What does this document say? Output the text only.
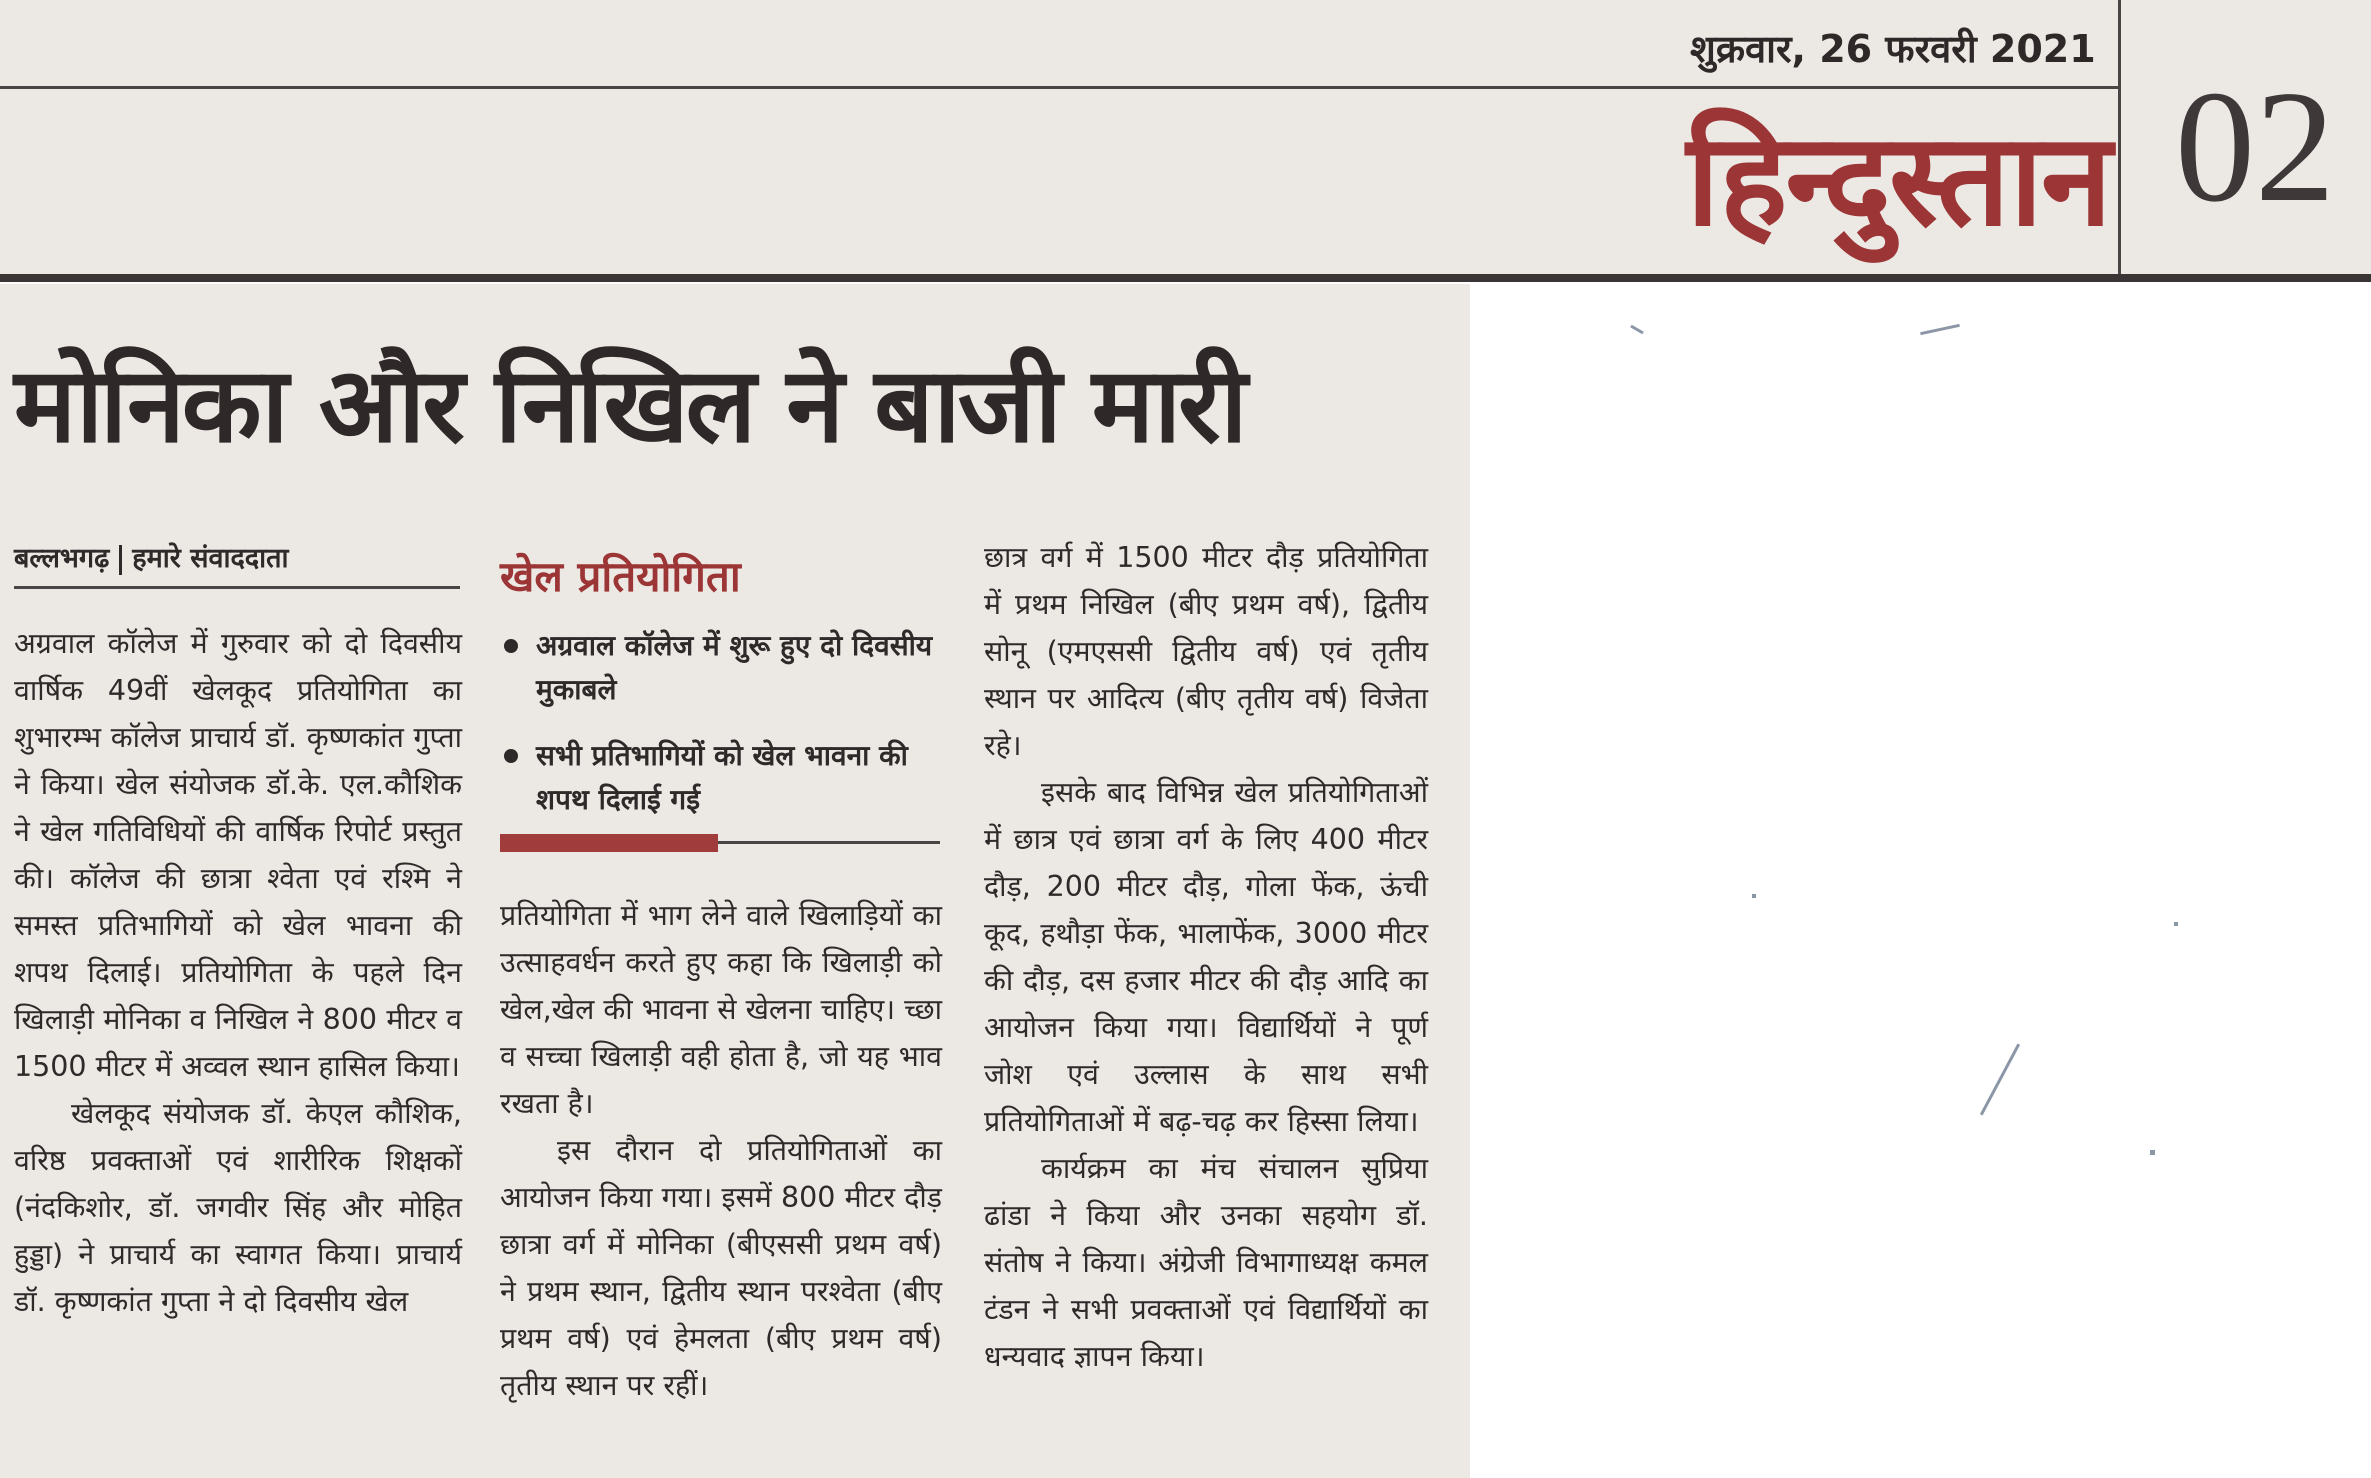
शुक्रवार, 26 फरवरी 2021
हिन्दुस्तान 02
मोनिका और निखिल ने बाजी मारी
बल्लभगढ़ हमारे संवाददाता

अग्रवाल कॉलेज में गुरुवार को दो दिवसीय वार्षिक 49वीं खेलकूद प्रतियोगिता का शुभारम्भ कॉलेज प्राचार्य डॉ. कृष्णकांत गुप्ता ने किया। खेल संयोजक डॉ.के. एल.कौशिक ने खेल गतिविधियों की वार्षिक रिपोर्ट प्रस्तुत की। कॉलेज की छात्रा श्वेता एवं रश्मि ने समस्त प्रतिभागियों को खेल भावना की शपथ दिलाई। प्रतियोगिता के पहले दिन खिलाड़ी मोनिका व निखिल ने 800 मीटर व 1500 मीटर में अव्वल स्थान हासिल किया।

खेलकूद संयोजक डॉ. केएल कौशिक, वरिष्ठ प्रवक्ताओं एवं शारीरिक शिक्षकों (नंदकिशोर, डॉ. जगवीर सिंह और मोहित हुड्डा) ने प्राचार्य का स्वागत किया। प्राचार्य डॉ. कृष्णकांत गुप्ता ने दो दिवसीय खेल

खेल प्रतियोगिता
अग्रवाल कॉलेज में शुरू हुए दो दिवसीय मुकाबले
सभी प्रतिभागियों को खेल भावना की शपथ दिलाई गई

प्रतियोगिता में भाग लेने वाले खिलाड़ियों का उत्साहवर्धन करते हुए कहा कि खिलाड़ी को खेल,खेल की भावना से खेलना चाहिए। च्छा व सच्चा खिलाड़ी वही होता है, जो यह भाव रखता है।

इस दौरान दो प्रतियोगिताओं का आयोजन किया गया। इसमें 800 मीटर दौड़ छात्रा वर्ग में मोनिका (बीएससी प्रथम वर्ष) ने प्रथम स्थान, द्वितीय स्थान परश्वेता (बीए प्रथम वर्ष) एवं हेमलता (बीए प्रथम वर्ष) तृतीय स्थान पर रहीं।

छात्र वर्ग में 1500 मीटर दौड़ प्रतियोगिता में प्रथम निखिल (बीए प्रथम वर्ष), द्वितीय सोनू (एमएससी द्वितीय वर्ष) एवं तृतीय स्थान पर आदित्य (बीए तृतीय वर्ष) विजेता रहे।

इसके बाद विभिन्न खेल प्रतियोगिताओं में छात्र एवं छात्रा वर्ग के लिए 400 मीटर दौड़, 200 मीटर दौड़, गोला फेंक, ऊंची कूद, हथौड़ा फेंक, भालाफेंक, 3000 मीटर की दौड़, दस हजार मीटर की दौड़ आदि का आयोजन किया गया। विद्यार्थियों ने पूर्ण जोश एवं उल्लास के साथ सभी प्रतियोगिताओं में बढ़-चढ़ कर हिस्सा लिया।

कार्यक्रम का मंच संचालन सुप्रिया ढांडा ने किया और उनका सहयोग डॉ. संतोष ने किया। अंग्रेजी विभागाध्यक्ष कमल टंडन ने सभी प्रवक्ताओं एवं विद्यार्थियों का धन्यवाद ज्ञापन किया।
